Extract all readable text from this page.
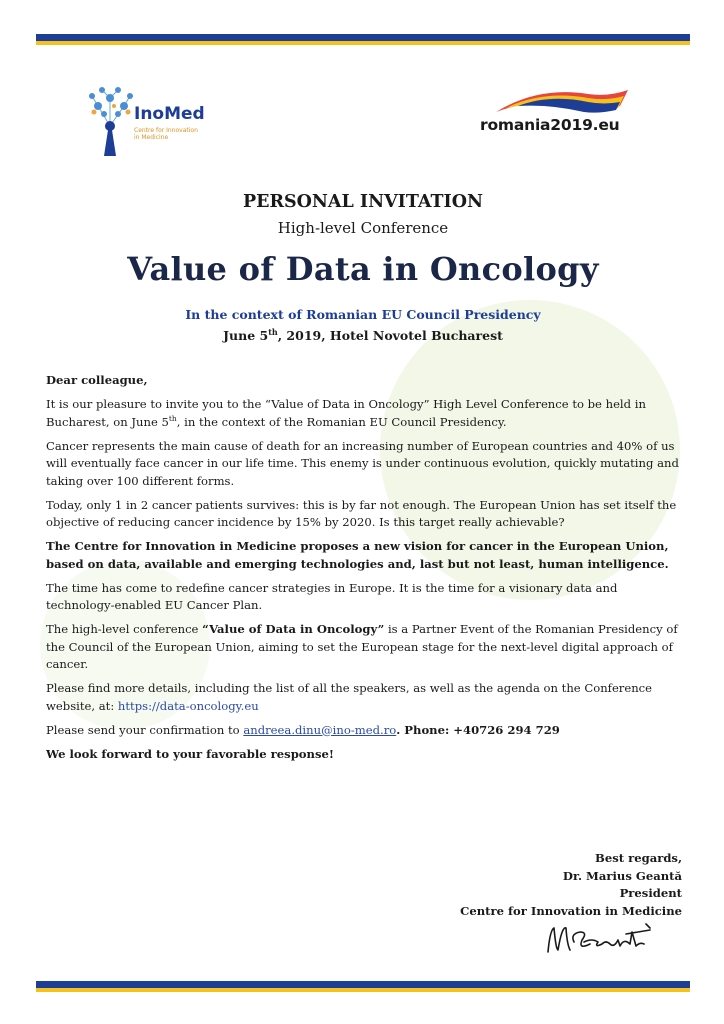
InoMed
Centre for Innovation
in Medicine
romania2019.eu
PERSONAL INVITATION
High-level Conference
Value of Data in Oncology
In the context of Romanian EU Council Presidency
June 5th, 2019, Hotel Novotel Bucharest

Dear colleague,

It is our pleasure to invite you to the “Value of Data in Oncology” High Level Conference to be held in Bucharest, on June 5th, in the context of the Romanian EU Council Presidency.

Cancer represents the main cause of death for an increasing number of European countries and 40% of us will eventually face cancer in our life time. This enemy is under continuous evolution, quickly mutating and taking over 100 different forms.

Today, only 1 in 2 cancer patients survives: this is by far not enough. The European Union has set itself the objective of reducing cancer incidence by 15% by 2020. Is this target really achievable?

The Centre for Innovation in Medicine proposes a new vision for cancer in the European Union, based on data, available and emerging technologies and, last but not least, human intelligence.

The time has come to redefine cancer strategies in Europe. It is the time for a visionary data and technology-enabled EU Cancer Plan.

The high-level conference “Value of Data in Oncology” is a Partner Event of the Romanian Presidency of the Council of the European Union, aiming to set the European stage for the next-level digital approach of cancer.

Please find more details, including the list of all the speakers, as well as the agenda on the Conference website, at: https://data-oncology.eu

Please send your confirmation to andreea.dinu@ino-med.ro. Phone: +40726 294 729

We look forward to your favorable response!

Best regards,
Dr. Marius Geantă
President
Centre for Innovation in Medicine
